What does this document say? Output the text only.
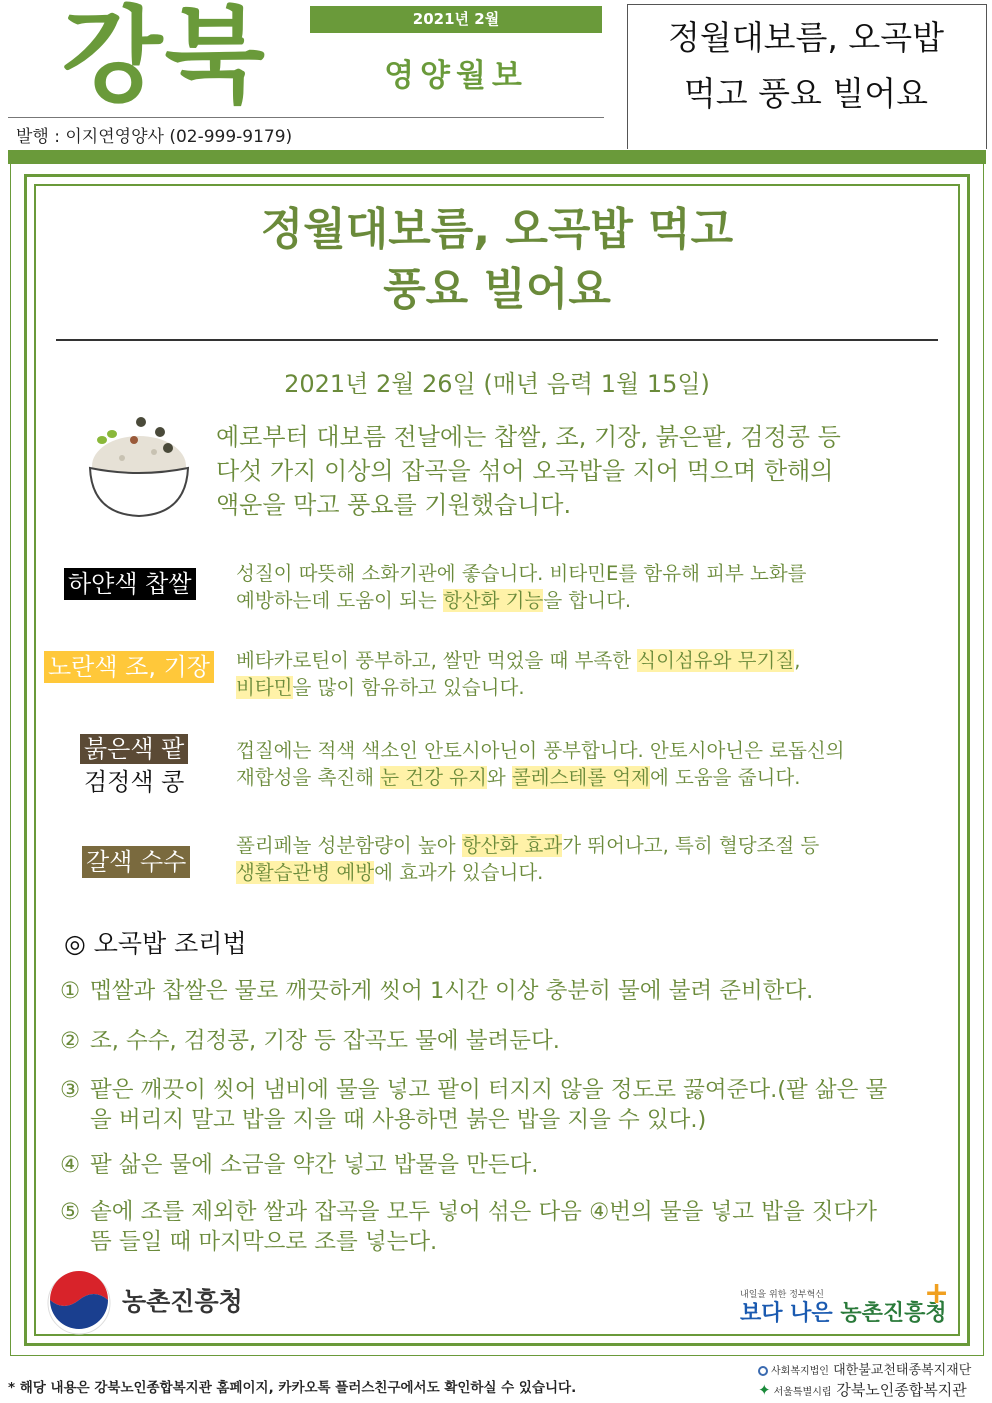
강북	2021년 2월
영양월보
발행 : 이지연영양사 (02-999-9179)
정월대보름, 오곡밥
먹고 풍요 빌어요
정월대보름, 오곡밥 먹고
풍요 빌어요
2021년 2월 26일 (매년 음력 1월 15일)
예로부터 대보름 전날에는 찹쌀, 조, 기장, 붉은팥, 검정콩 등
다섯 가지 이상의 잡곡을 섞어 오곡밥을 지어 먹으며 한해의
액운을 막고 풍요를 기원했습니다.
하얀색 찹쌀
노란색 조, 기장
붉은색 팥
검정색 콩
갈색 수수
성질이 따뜻해 소화기관에 좋습니다. 비타민E를 함유해 피부 노화를
예방하는데 도움이 되는 항산화 기능을 합니다.
베타카로틴이 풍부하고, 쌀만 먹었을 때 부족한 식이섬유와 무기질,
비타민을 많이 함유하고 있습니다.
껍질에는 적색 색소인 안토시아닌이 풍부합니다. 안토시아닌은 로돕신의
재합성을 촉진해 눈 건강 유지와 콜레스테롤 억제에 도움을 줍니다.
폴리페놀 성분함량이 높아 항산화 효과가 뛰어나고, 특히 혈당조절 등
생활습관병 예방에 효과가 있습니다.
◎ 오곡밥 조리법
① 멥쌀과 찹쌀은 물로 깨끗하게 씻어 1시간 이상 충분히 물에 불려 준비한다.
② 조, 수수, 검정콩, 기장 등 잡곡도 물에 불려둔다.
③ 팥은 깨끗이 씻어 냄비에 물을 넣고 팥이 터지지 않을 정도로 끓여준다.(팥 삶은 물
을 버리지 말고 밥을 지을 때 사용하면 붉은 밥을 지을 수 있다.)
④ 팥 삶은 물에 소금을 약간 넣고 밥물을 만든다.
⑤ 솥에 조를 제외한 쌀과 잡곡을 모두 넣어 섞은 다음 ④번의 물을 넣고 밥을 짓다가
뜸 들일 때 마지막으로 조를 넣는다.
농촌진흥청	내일을 위한 정부혁신
보다 나은 농촌진흥청
+
* 해당 내용은 강북노인종합복지관 홈페이지, 카카오톡 플러스친구에서도 확인하실 수 있습니다.
사회복지법인 대한불교천태종복지재단
✦ 서울특별시립 강북노인종합복지관
